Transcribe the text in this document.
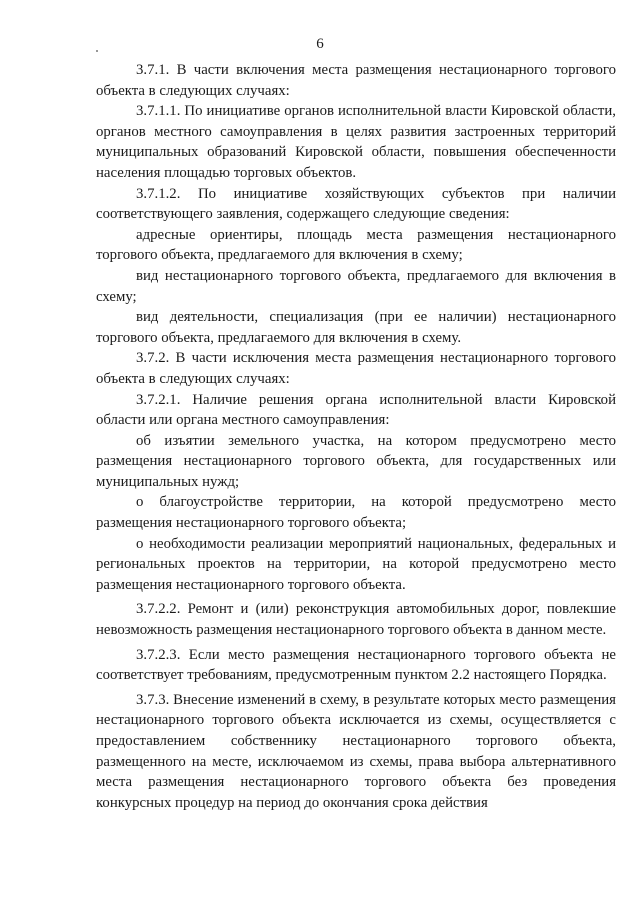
6

3.7.1. В части включения места размещения нестационарного торгового объекта в следующих случаях:

3.7.1.1. По инициативе органов исполнительной власти Кировской области, органов местного самоуправления в целях развития застроенных территорий муниципальных образований Кировской области, повышения обеспеченности населения площадью торговых объектов.

3.7.1.2. По инициативе хозяйствующих субъектов при наличии соответствующего заявления, содержащего следующие сведения:

адресные ориентиры, площадь места размещения нестационарного торгового объекта, предлагаемого для включения в схему;

вид нестационарного торгового объекта, предлагаемого для включения в схему;

вид деятельности, специализация (при ее наличии) нестационарного торгового объекта, предлагаемого для включения в схему.

3.7.2. В части исключения места размещения нестационарного торгового объекта в следующих случаях:

3.7.2.1. Наличие решения органа исполнительной власти Кировской области или органа местного самоуправления:

об изъятии земельного участка, на котором предусмотрено место размещения нестационарного торгового объекта, для государственных или муниципальных нужд;

о благоустройстве территории, на которой предусмотрено место размещения нестационарного торгового объекта;

о необходимости реализации мероприятий национальных, федеральных и региональных проектов на территории, на которой предусмотрено место размещения нестационарного торгового объекта.

3.7.2.2. Ремонт и (или) реконструкция автомобильных дорог, повлекшие невозможность размещения нестационарного торгового объекта в данном месте.

3.7.2.3. Если место размещения нестационарного торгового объекта не соответствует требованиям, предусмотренным пунктом 2.2 настоящего Порядка.

3.7.3. Внесение изменений в схему, в результате которых место размещения нестационарного торгового объекта исключается из схемы, осуществляется с предоставлением собственнику нестационарного торгового объекта, размещенного на месте, исключаемом из схемы, права выбора альтернативного места размещения нестационарного торгового объекта без проведения конкурсных процедур на период до окончания срока действия
